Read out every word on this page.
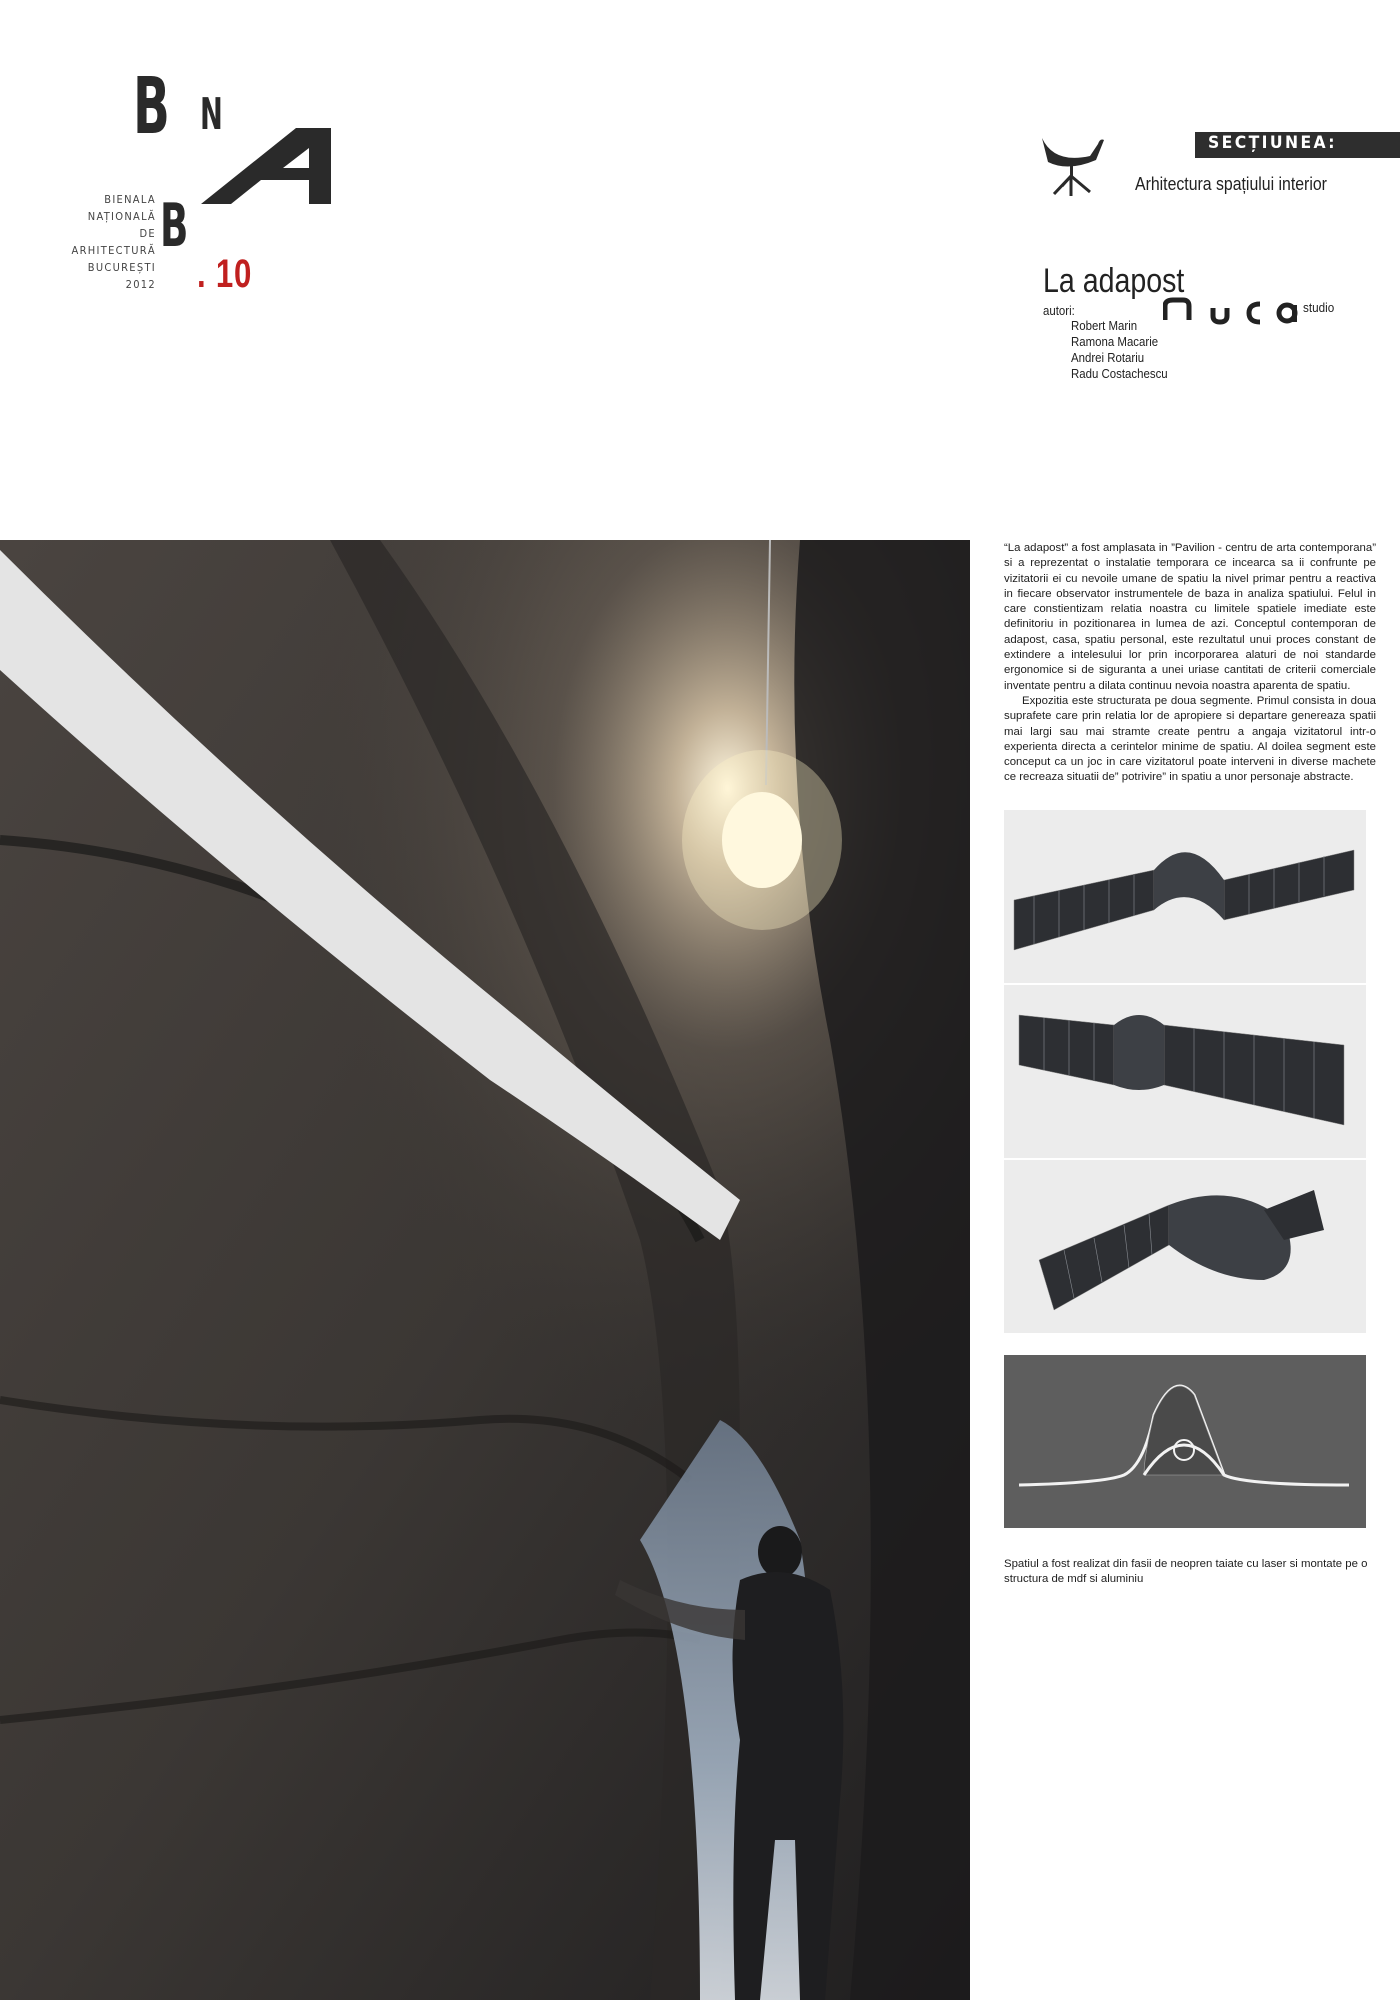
B N
B
BIENALA
NAȚIONALĂ
DE
ARHITECTURĂ
BUCUREȘTI
2012 . 10
SECȚIUNEA:
Arhitectura spațiului interior
La adapost
autori:
Robert Marin
Ramona Macarie
Andrei Rotariu
Radu Costachescu
studio

“La adapost” a fost amplasata in ”Pavilion - centru de arta contemporana” si a reprezentat o instalatie temporara ce incearca sa ii confrunte pe vizitatorii ei cu nevoile umane de spatiu la nivel primar pentru a reactiva in fiecare observator instrumentele de baza in analiza spatiului. Felul in care constientizam relatia noastra cu limitele spatiele imediate este definitoriu in pozitionarea in lumea de azi. Conceptul contemporan de adapost, casa, spatiu personal, este rezultatul unui proces constant de extindere a intelesului lor prin incorporarea alaturi de noi standarde ergonomice si de siguranta a unei uriase cantitati de criterii comerciale inventate pentru a dilata continuu nevoia noastra aparenta de spatiu.

Expozitia este structurata pe doua segmente. Primul consista in doua suprafete care prin relatia lor de apropiere si departare genereaza spatii mai largi sau mai stramte create pentru a angaja vizitatorul intr-o experienta directa a cerintelor minime de spatiu. Al doilea segment este conceput ca un joc in care vizitatorul poate interveni in diverse machete ce recreaza situatii de” potrivire” in spatiu a unor personaje abstracte.

Spatiul a fost realizat din fasii de neopren taiate cu laser si montate pe o structura de mdf si aluminiu
